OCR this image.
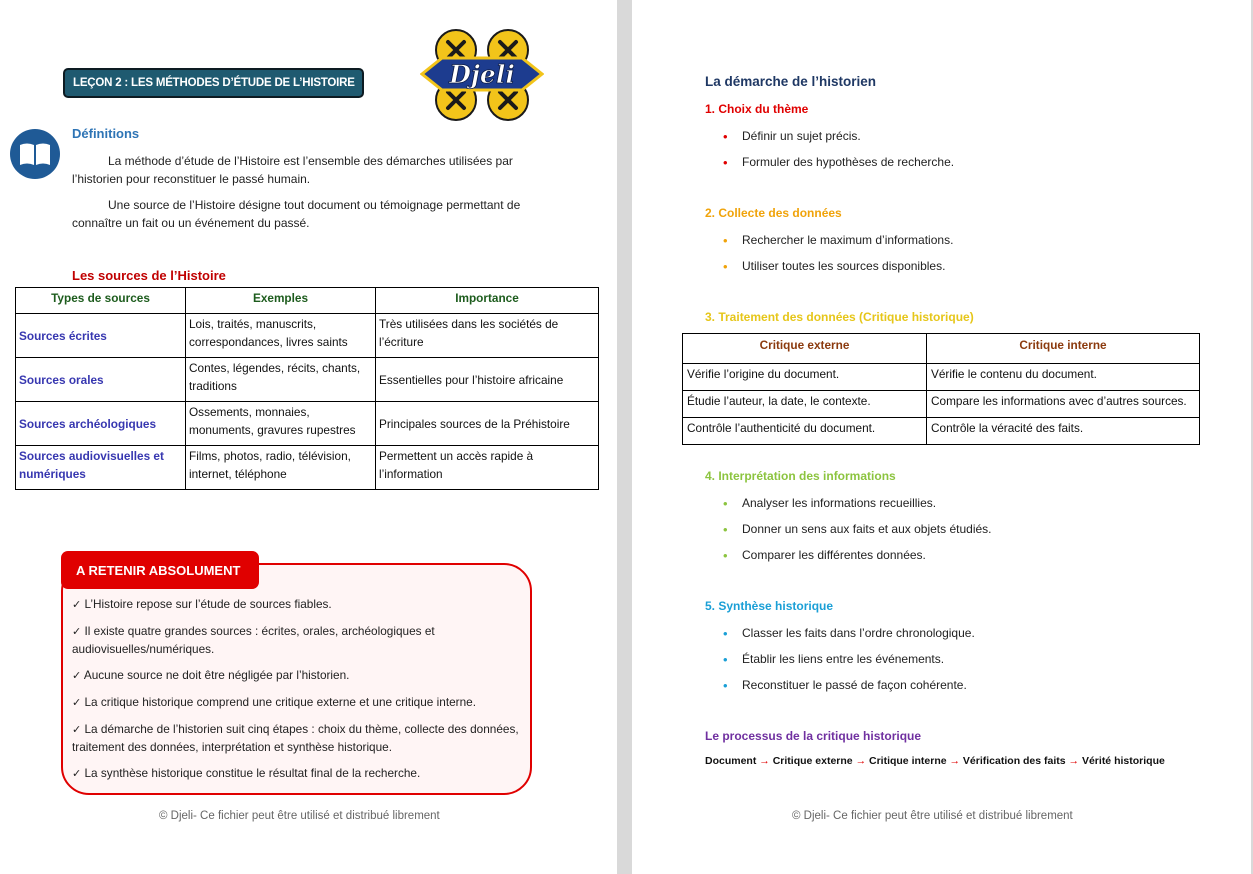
LEÇON 2 : LES MÉTHODES D’ÉTUDE DE L’HISTOIRE	Djeli
Définitions
La méthode d’étude de l’Histoire est l’ensemble des démarches utilisées par
l’historien pour reconstituer le passé humain.
Une source de l’Histoire désigne tout document ou témoignage permettant de
connaître un fait ou un événement du passé.
Les sources de l’Histoire
Types de sources	Exemples	Importance
Sources écrites	Lois, traités, manuscrits, correspondances, livres saints	Très utilisées dans les sociétés de l’écriture
Sources orales	Contes, légendes, récits, chants, traditions	Essentielles pour l’histoire africaine
Sources archéologiques	Ossements, monnaies, monuments, gravures rupestres	Principales sources de la Préhistoire
Sources audiovisuelles et numériques	Films, photos, radio, télévision, internet, téléphone	Permettent un accès rapide à l’information
A RETENIR ABSOLUMENT
✓ L’Histoire repose sur l’étude de sources fiables.
✓ Il existe quatre grandes sources : écrites, orales, archéologiques et audiovisuelles/numériques.
✓ Aucune source ne doit être négligée par l’historien.
✓ La critique historique comprend une critique externe et une critique interne.
✓ La démarche de l’historien suit cinq étapes : choix du thème, collecte des données, traitement des données, interprétation et synthèse historique.
✓ La synthèse historique constitue le résultat final de la recherche.
© Djeli- Ce fichier peut être utilisé et distribué librement
La démarche de l’historien
1. Choix du thème
• Définir un sujet précis.
• Formuler des hypothèses de recherche.
2. Collecte des données
• Rechercher le maximum d’informations.
• Utiliser toutes les sources disponibles.
3. Traitement des données (Critique historique)
Critique externe	Critique interne
Vérifie l’origine du document.	Vérifie le contenu du document.
Étudie l’auteur, la date, le contexte.	Compare les informations avec d’autres sources.
Contrôle l’authenticité du document.	Contrôle la véracité des faits.
4. Interprétation des informations
• Analyser les informations recueillies.
• Donner un sens aux faits et aux objets étudiés.
• Comparer les différentes données.
5. Synthèse historique
• Classer les faits dans l’ordre chronologique.
• Établir les liens entre les événements.
• Reconstituer le passé de façon cohérente.
Le processus de la critique historique
Document → Critique externe → Critique interne → Vérification des faits → Vérité historique
© Djeli- Ce fichier peut être utilisé et distribué librement
